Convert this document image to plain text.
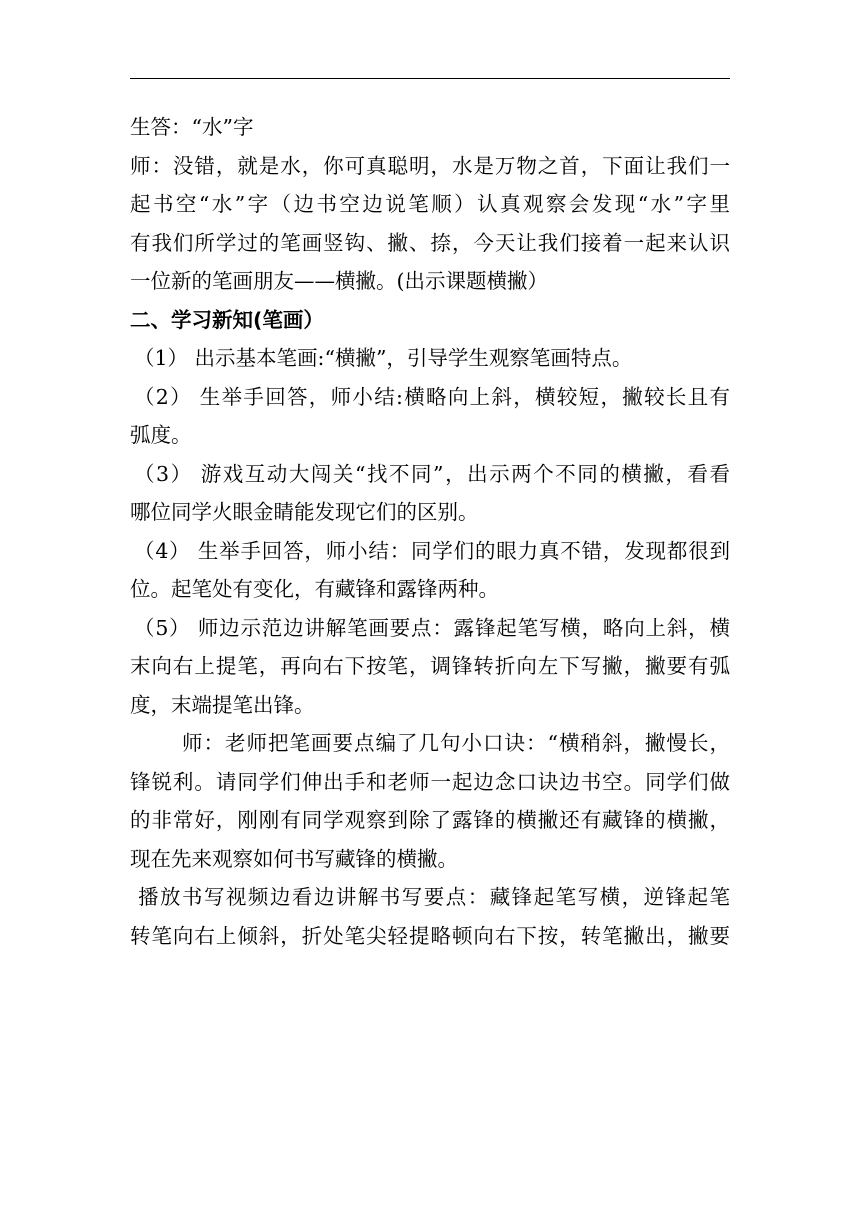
生答：“水”字
师：没错，就是水，你可真聪明，水是万物之首，下面让我们一
起书空“水”字（边书空边说笔顺）认真观察会发现“水”字里
有我们所学过的笔画竖钩、撇、捺，今天让我们接着一起来认识
一位新的笔画朋友——横撇。(出示课题横撇）
二、学习新知(笔画）
（1） 出示基本笔画:“横撇”，引导学生观察笔画特点。
（2） 生举手回答，师小结:横略向上斜，横较短，撇较长且有
弧度。
（3） 游戏互动大闯关“找不同”，出示两个不同的横撇，看看
哪位同学火眼金睛能发现它们的区别。
（4） 生举手回答，师小结：同学们的眼力真不错，发现都很到
位。起笔处有变化，有藏锋和露锋两种。
（5） 师边示范边讲解笔画要点：露锋起笔写横，略向上斜，横
末向右上提笔，再向右下按笔，调锋转折向左下写撇，撇要有弧
度，末端提笔出锋。
师：老师把笔画要点编了几句小口诀：“横稍斜，撇慢长，
锋锐利。请同学们伸出手和老师一起边念口诀边书空。同学们做
的非常好，刚刚有同学观察到除了露锋的横撇还有藏锋的横撇，
现在先来观察如何书写藏锋的横撇。
播放书写视频边看边讲解书写要点：藏锋起笔写横，逆锋起笔
转笔向右上倾斜，折处笔尖轻提略顿向右下按，转笔撇出，撇要
